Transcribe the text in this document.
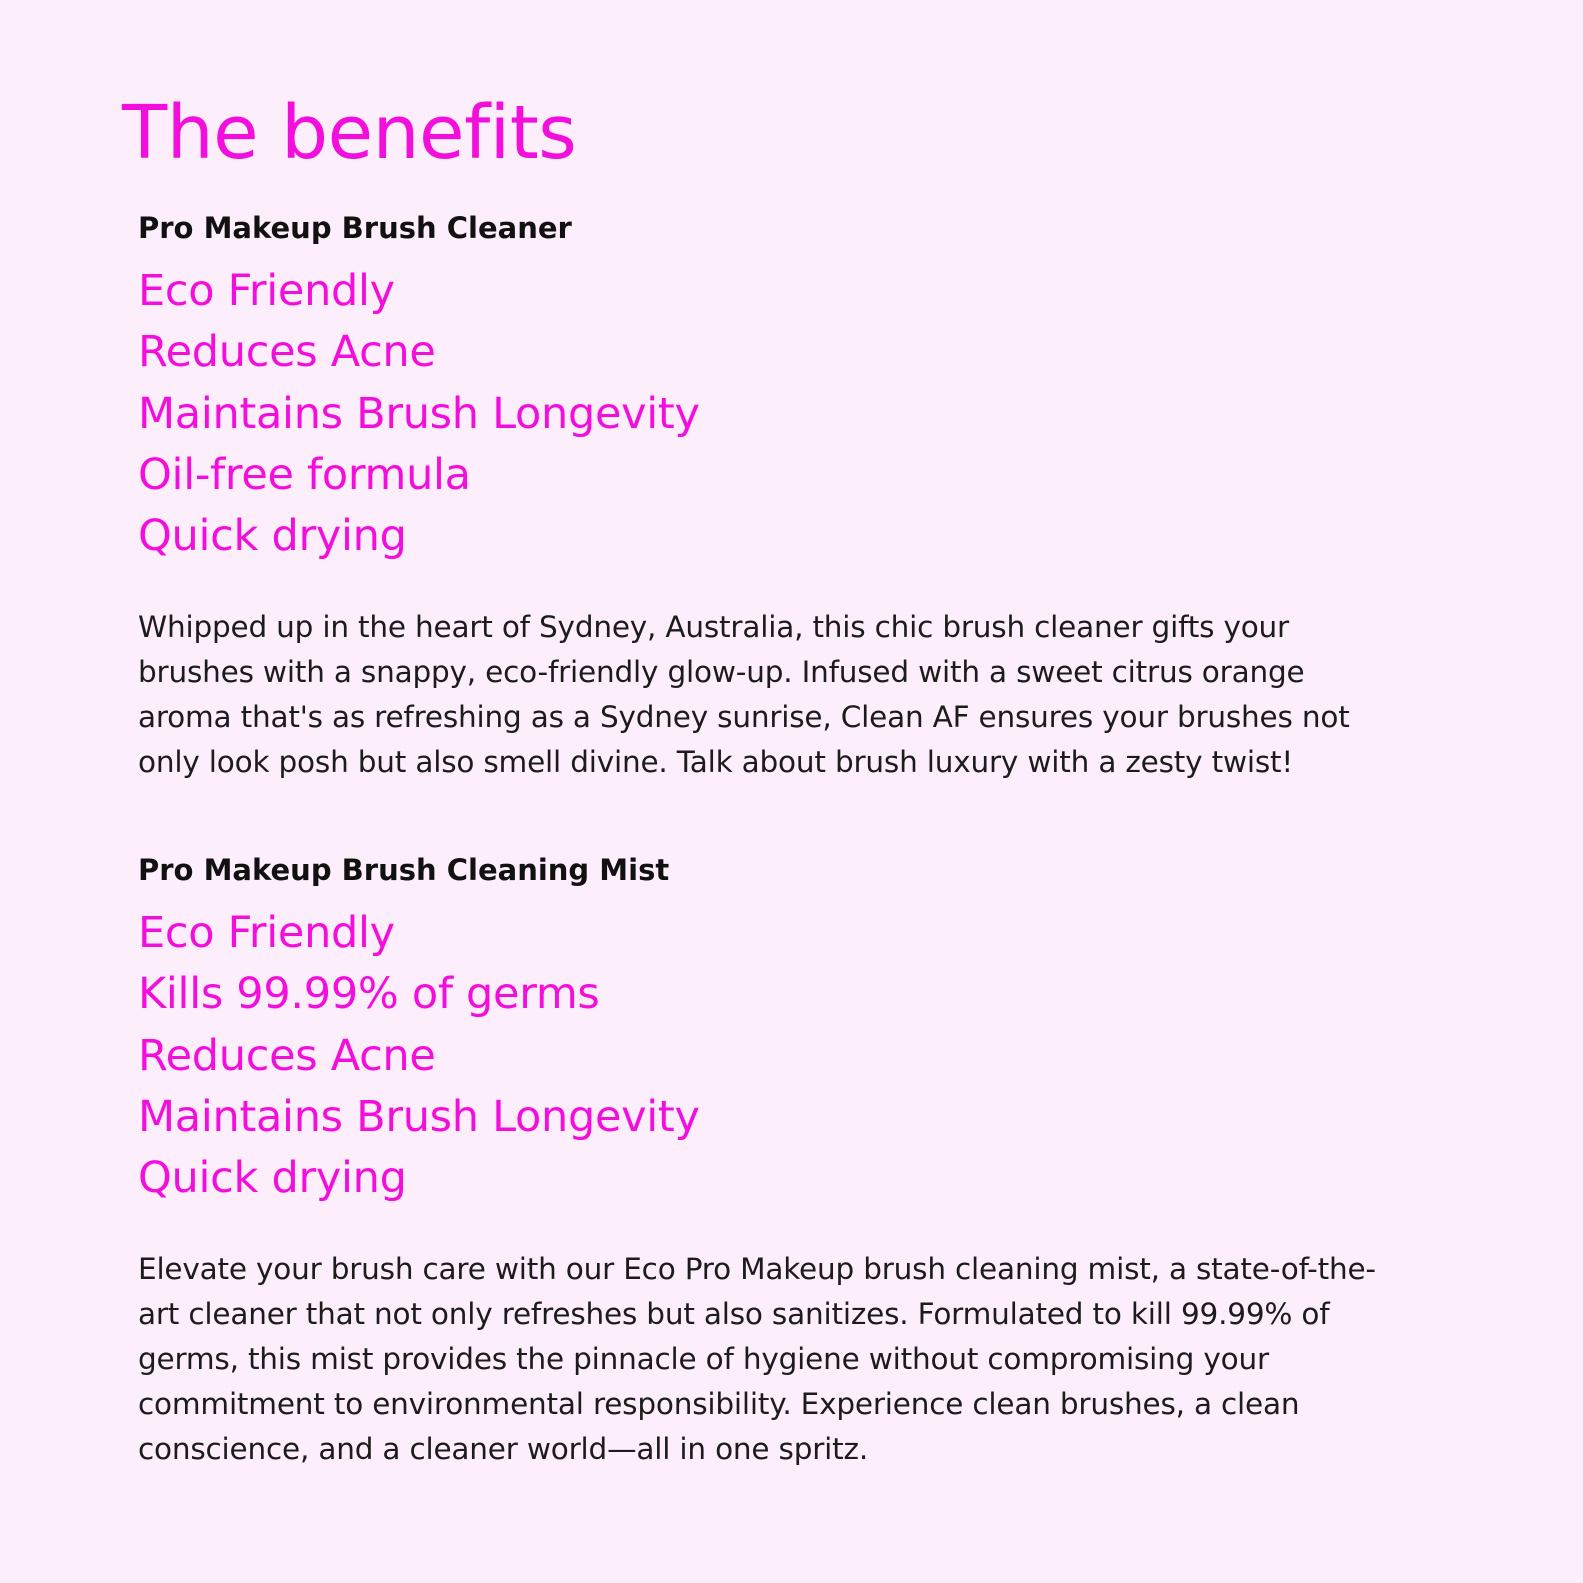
The benefits
Pro Makeup Brush Cleaner
Eco Friendly
Reduces Acne
Maintains Brush Longevity
Oil-free formula
Quick drying

Whipped up in the heart of Sydney, Australia, this chic brush cleaner gifts your
brushes with a snappy, eco-friendly glow-up. Infused with a sweet citrus orange
aroma that's as refreshing as a Sydney sunrise, Clean AF ensures your brushes not
only look posh but also smell divine. Talk about brush luxury with a zesty twist!

Pro Makeup Brush Cleaning Mist
Eco Friendly
Kills 99.99% of germs
Reduces Acne
Maintains Brush Longevity
Quick drying

Elevate your brush care with our Eco Pro Makeup brush cleaning mist, a state-of-the-
art cleaner that not only refreshes but also sanitizes. Formulated to kill 99.99% of
germs, this mist provides the pinnacle of hygiene without compromising your
commitment to environmental responsibility. Experience clean brushes, a clean
conscience, and a cleaner world—all in one spritz.
